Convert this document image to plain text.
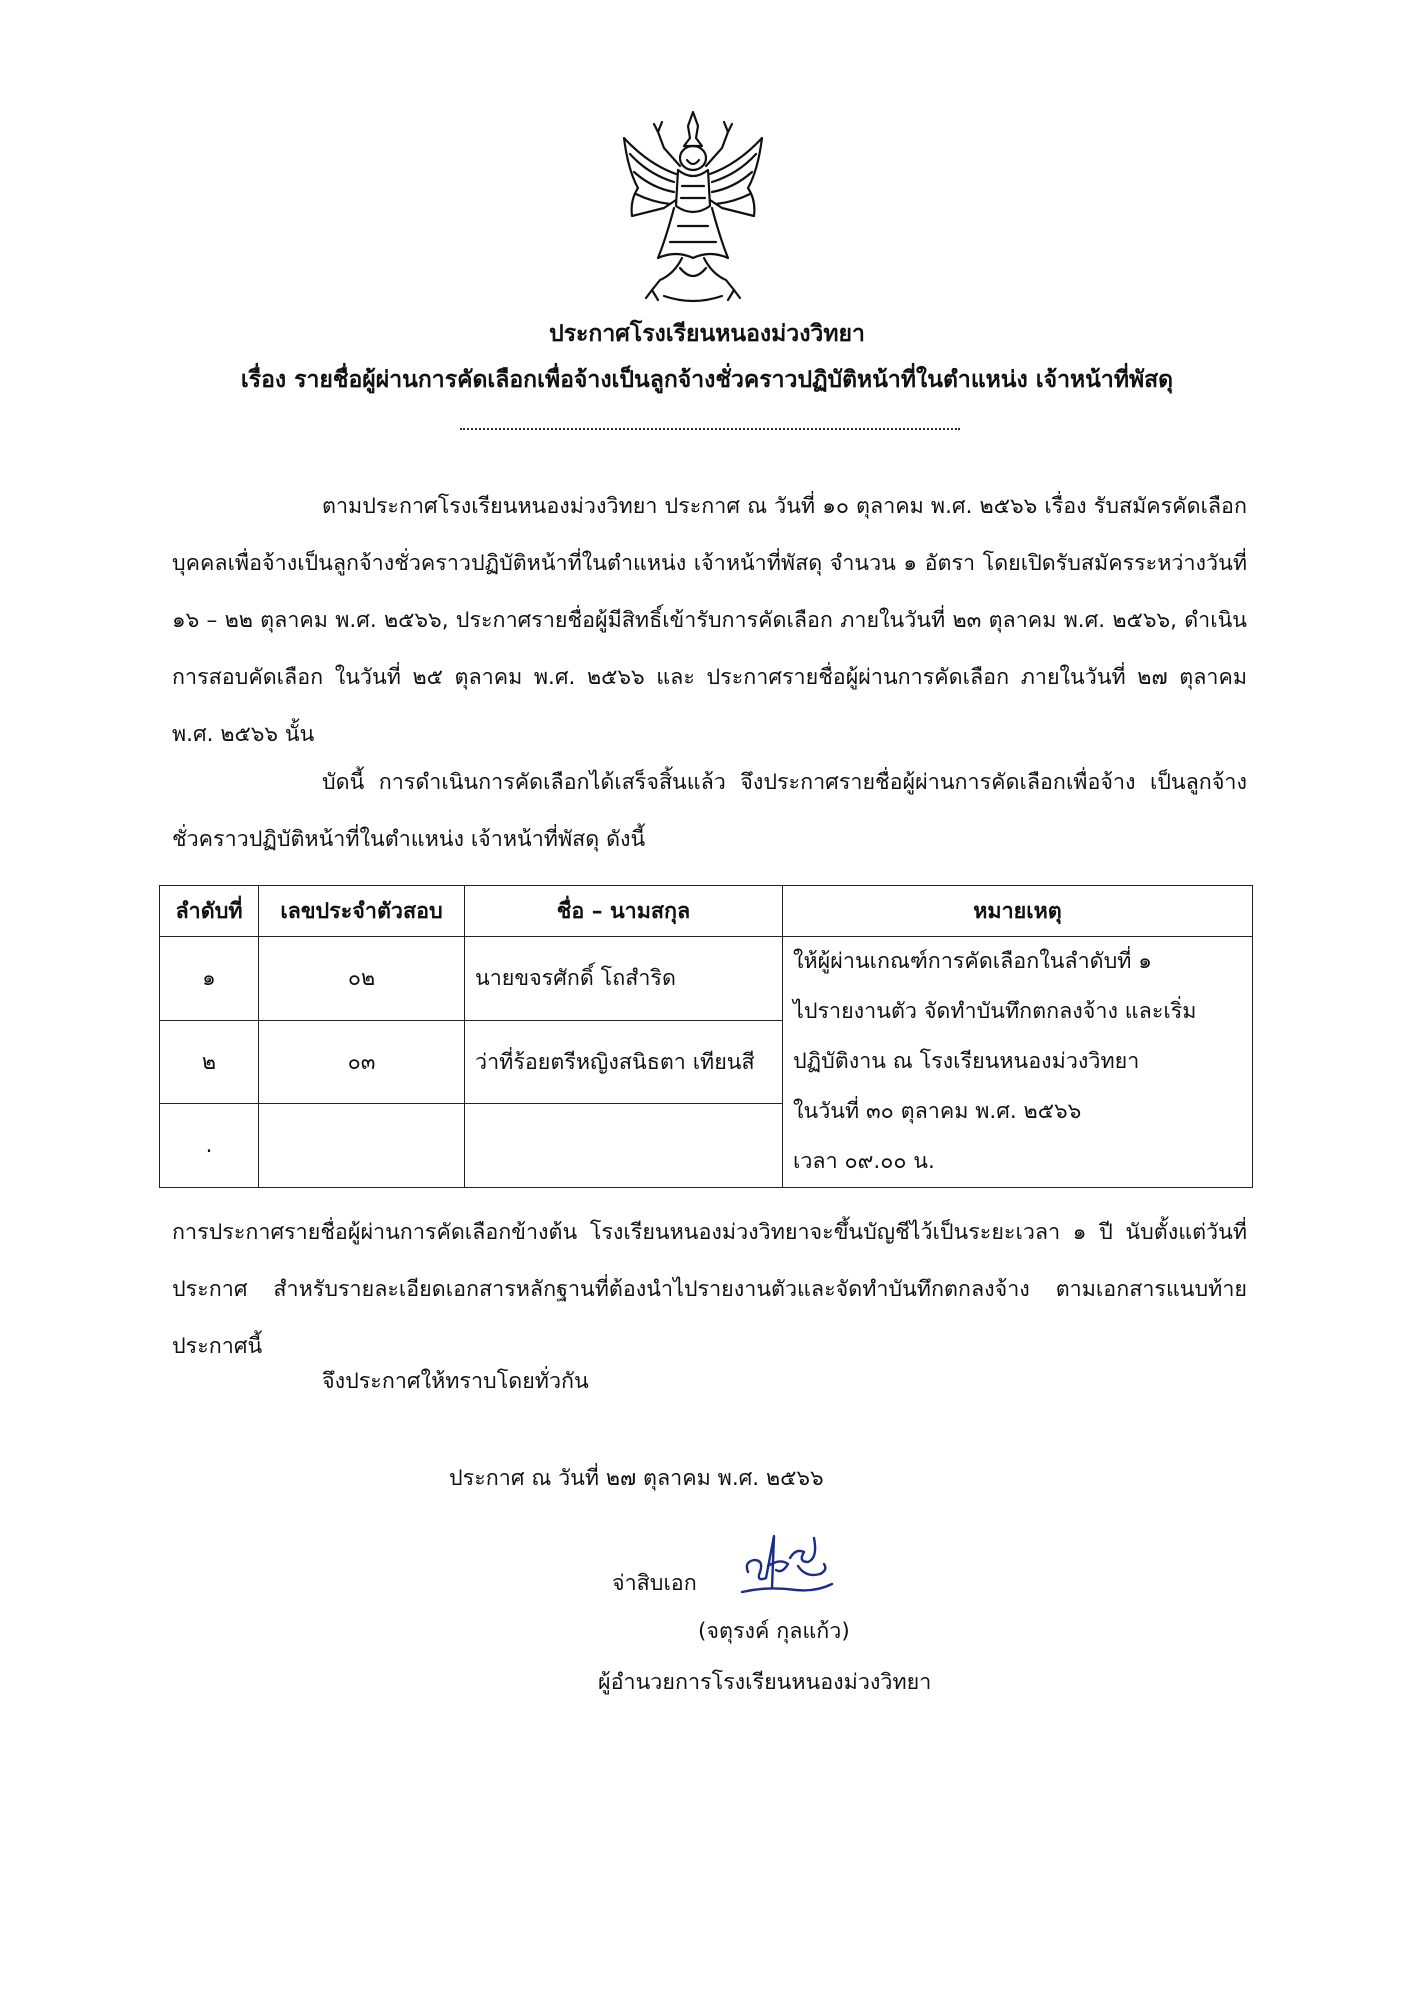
ประกาศโรงเรียนหนองม่วงวิทยา
เรื่อง รายชื่อผู้ผ่านการคัดเลือกเพื่อจ้างเป็นลูกจ้างชั่วคราวปฏิบัติหน้าที่ในตำแหน่ง เจ้าหน้าที่พัสดุ

ตามประกาศโรงเรียนหนองม่วงวิทยา ประกาศ ณ วันที่ ๑๐ ตุลาคม พ.ศ. ๒๕๖๖ เรื่อง รับสมัครคัดเลือกบุคคลเพื่อจ้างเป็นลูกจ้างชั่วคราวปฏิบัติหน้าที่ในตำแหน่ง เจ้าหน้าที่พัสดุ จำนวน ๑ อัตรา โดยเปิดรับสมัครระหว่างวันที่ ๑๖ – ๒๒ ตุลาคม พ.ศ. ๒๕๖๖, ประกาศรายชื่อผู้มีสิทธิ์เข้ารับการคัดเลือก ภายในวันที่ ๒๓ ตุลาคม พ.ศ. ๒๕๖๖, ดำเนินการสอบคัดเลือก ในวันที่ ๒๕ ตุลาคม พ.ศ. ๒๕๖๖ และ ประกาศรายชื่อผู้ผ่านการคัดเลือก ภายในวันที่ ๒๗ ตุลาคม พ.ศ. ๒๕๖๖ นั้น

บัดนี้ การดำเนินการคัดเลือกได้เสร็จสิ้นแล้ว จึงประกาศรายชื่อผู้ผ่านการคัดเลือกเพื่อจ้าง เป็นลูกจ้างชั่วคราวปฏิบัติหน้าที่ในตำแหน่ง เจ้าหน้าที่พัสดุ ดังนี้

ลำดับที่	เลขประจำตัวสอบ	ชื่อ – นามสกุล	หมายเหตุ
๑	๐๒	นายขจรศักดิ์ โถสำริด	ให้ผู้ผ่านเกณฑ์การคัดเลือกในลำดับที่ ๑
ไปรายงานตัว จัดทำบันทึกตกลงจ้าง และเริ่ม
ปฏิบัติงาน ณ โรงเรียนหนองม่วงวิทยา
ในวันที่ ๓๐ ตุลาคม พ.ศ. ๒๕๖๖
เวลา ๐๙.๐๐ น.

๒	๐๓	ว่าที่ร้อยตรีหญิงสนิธตา เทียนสี	
.			

การประกาศรายชื่อผู้ผ่านการคัดเลือกข้างต้น โรงเรียนหนองม่วงวิทยาจะขึ้นบัญชีไว้เป็นระยะเวลา ๑ ปี นับตั้งแต่วันที่ประกาศ สำหรับรายละเอียดเอกสารหลักฐานที่ต้องนำไปรายงานตัวและจัดทำบันทึกตกลงจ้าง ตามเอกสารแนบท้ายประกาศนี้

จึงประกาศให้ทราบโดยทั่วกัน
ประกาศ ณ วันที่ ๒๗ ตุลาคม พ.ศ. ๒๕๖๖
จ่าสิบเอก
(จตุรงค์ กุลแก้ว)
ผู้อำนวยการโรงเรียนหนองม่วงวิทยา
